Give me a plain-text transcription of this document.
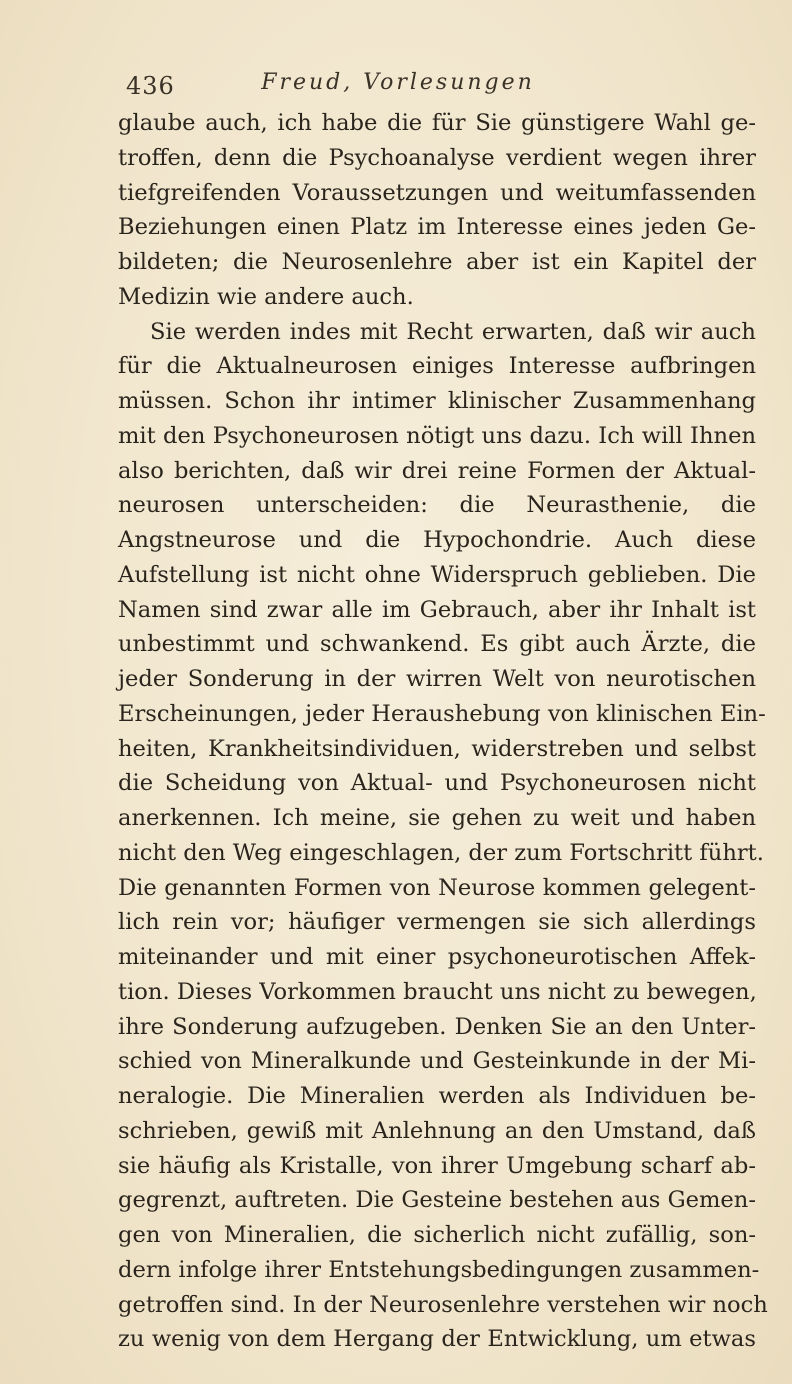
436	Freud, Vorlesungen
glaube auch, ich habe die für Sie günstigere Wahl ge-
troffen, denn die Psychoanalyse verdient wegen ihrer
tiefgreifenden Voraussetzungen und weitumfassenden
Beziehungen einen Platz im Interesse eines jeden Ge-
bildeten; die Neurosenlehre aber ist ein Kapitel der
Medizin wie andere auch.
Sie werden indes mit Recht erwarten, daß wir auch
für die Aktualneurosen einiges Interesse aufbringen
müssen. Schon ihr intimer klinischer Zusammenhang
mit den Psychoneurosen nötigt uns dazu. Ich will Ihnen
also berichten, daß wir drei reine Formen der Aktual-
neurosen unterscheiden: die Neurasthenie, die
Angstneurose und die Hypochondrie. Auch diese
Aufstellung ist nicht ohne Widerspruch geblieben. Die
Namen sind zwar alle im Gebrauch, aber ihr Inhalt ist
unbestimmt und schwankend. Es gibt auch Ärzte, die
jeder Sonderung in der wirren Welt von neurotischen
Erscheinungen, jeder Heraushebung von klinischen Ein-
heiten, Krankheitsindividuen, widerstreben und selbst
die Scheidung von Aktual- und Psychoneurosen nicht
anerkennen. Ich meine, sie gehen zu weit und haben
nicht den Weg eingeschlagen, der zum Fortschritt führt.
Die genannten Formen von Neurose kommen gelegent-
lich rein vor; häufiger vermengen sie sich allerdings
miteinander und mit einer psychoneurotischen Affek-
tion. Dieses Vorkommen braucht uns nicht zu bewegen,
ihre Sonderung aufzugeben. Denken Sie an den Unter-
schied von Mineralkunde und Gesteinkunde in der Mi-
neralogie. Die Mineralien werden als Individuen be-
schrieben, gewiß mit Anlehnung an den Umstand, daß
sie häufig als Kristalle, von ihrer Umgebung scharf ab-
gegrenzt, auftreten. Die Gesteine bestehen aus Gemen-
gen von Mineralien, die sicherlich nicht zufällig, son-
dern infolge ihrer Entstehungsbedingungen zusammen-
getroffen sind. In der Neurosenlehre verstehen wir noch
zu wenig von dem Hergang der Entwicklung, um etwas
